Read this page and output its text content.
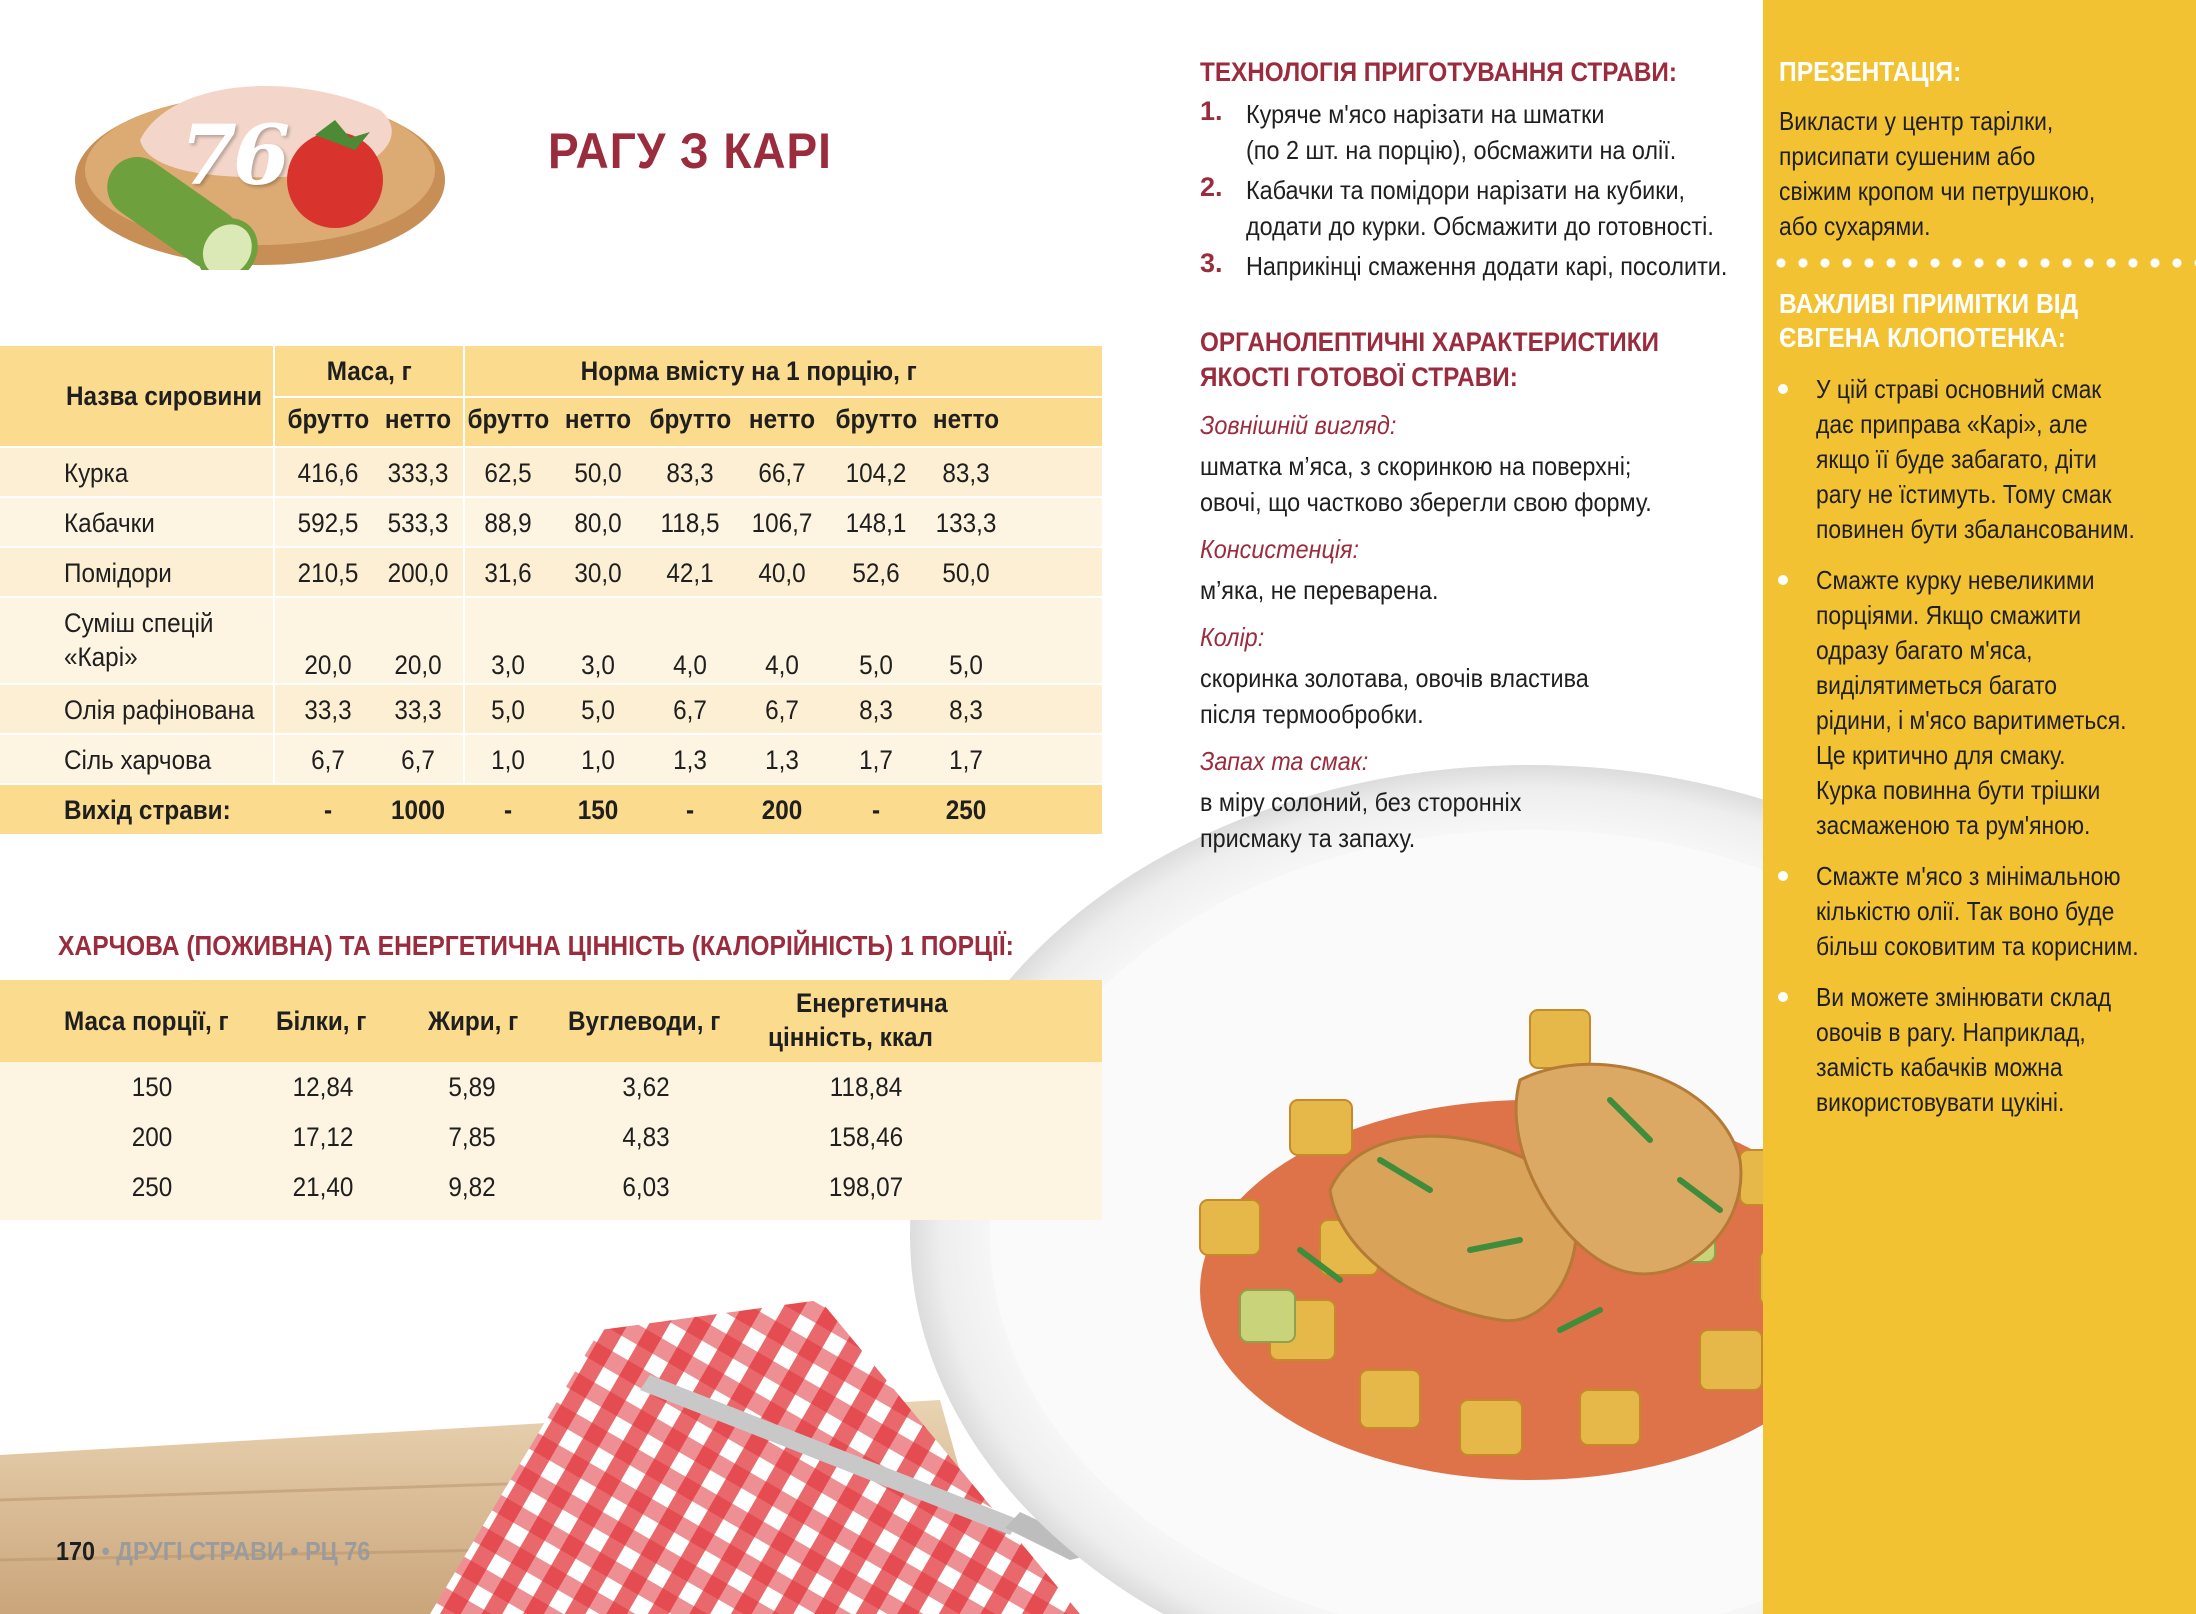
76	РАГУ З КАРІ
Назва сировини
Маса, г	Норма вмісту на 1 порцію, г
брутто нетто брутто нетто брутто нетто брутто нетто
Курка	416,6	333,3	62,5	50,0	83,3	66,7	104,2	83,3
Кабачки	592,5	533,3	88,9	80,0	118,5	106,7	148,1	133,3
Помідори	210,5	200,0	31,6	30,0	42,1	40,0	52,6	50,0
Суміш спецій
«Карі»	20,0	20,0	3,0	3,0	4,0	4,0	5,0	5,0
Олія рафінована	33,3	33,3	5,0	5,0	6,7	6,7	8,3	8,3
Сіль харчова	6,7	6,7	1,0	1,0	1,3	1,3	1,7	1,7
Вихід страви:	-	1000	-	150	-	200	-	250
ХАРЧОВА (ПОЖИВНА) ТА ЕНЕРГЕТИЧНА ЦІННІСТЬ (КАЛОРІЙНІСТЬ) 1 ПОРЦІЇ:
Маса порції, г Білки, г Жири, г Вуглеводи, г
Енергетична
цінність, ккал
150	12,84	5,89	3,62	118,84
200	17,12	7,85	4,83	158,46
250	21,40	9,82	6,03	198,07
ТЕХНОЛОГІЯ ПРИГОТУВАННЯ СТРАВИ:
1. Куряче м'ясо нарізати на шматки
(по 2 шт. на порцію), обсмажити на олії.
2. Кабачки та помідори нарізати на кубики,
додати до курки. Обсмажити до готовності.
3. Наприкінці смаження додати карі, посолити.
ОРГАНОЛЕПТИЧНІ ХАРАКТЕРИСТИКИ
ЯКОСТІ ГОТОВОЇ СТРАВИ:
Зовнішній вигляд:
шматка м’яса, з скоринкою на поверхні;
овочі, що частково зберегли свою форму.
Консистенція:
м’яка, не переварена.
Колір:
скоринка золотава, овочів властива
після термообробки.
Запах та смак:
в міру солоний, без сторонніх
присмаку та запаху.
ПРЕЗЕНТАЦІЯ:
Викласти у центр тарілки,
присипати сушеним або
свіжим кропом чи петрушкою,
або сухарями.
ВАЖЛИВІ ПРИМІТКИ ВІД
ЄВГЕНА КЛОПОТЕНКА:
У цій страві основний смак
дає приправа «Карі», але
якщо її буде забагато, діти
рагу не їстимуть. Тому смак
повинен бути збалансованим.
Смажте курку невеликими
порціями. Якщо смажити
одразу багато м'яса,
виділятиметься багато
рідини, і м'ясо варитиметься.
Це критично для смаку.
Курка повинна бути трішки
засмаженою та рум'яною.
Смажте м'ясо з мінімальною
кількістю олії. Так воно буде
більш соковитим та корисним.
Ви можете змінювати склад
овочів в рагу. Наприклад,
замість кабачків можна
використовувати цукіні.
170 • ДРУГІ СТРАВИ • РЦ 76
